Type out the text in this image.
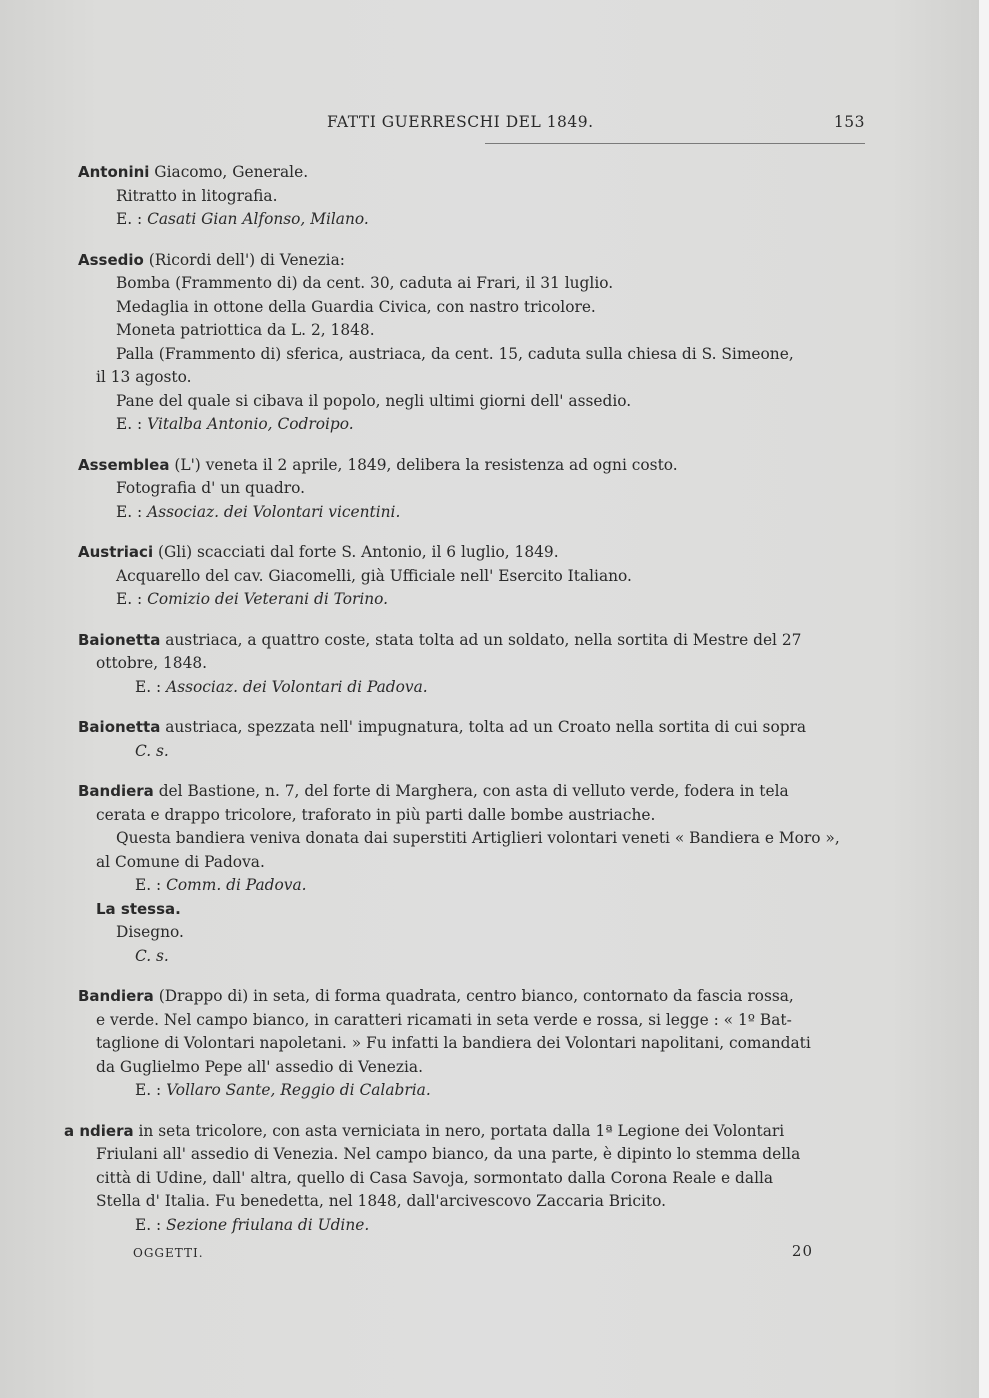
FATTI GUERRESCHI DEL 1849.	153
Antonini Giacomo, Generale.
Ritratto in litografia.
E. : Casati Gian Alfonso, Milano.
Assedio (Ricordi dell') di Venezia:
Bomba (Frammento di) da cent. 30, caduta ai Frari, il 31 luglio.
Medaglia in ottone della Guardia Civica, con nastro tricolore.
Moneta patriottica da L. 2, 1848.
Palla (Frammento di) sferica, austriaca, da cent. 15, caduta sulla chiesa di S. Simeone,
il 13 agosto.
Pane del quale si cibava il popolo, negli ultimi giorni dell' assedio.
E. : Vitalba Antonio, Codroipo.
Assemblea (L') veneta il 2 aprile, 1849, delibera la resistenza ad ogni costo.
Fotografia d' un quadro.
E. : Associaz. dei Volontari vicentini.
Austriaci (Gli) scacciati dal forte S. Antonio, il 6 luglio, 1849.
Acquarello del cav. Giacomelli, già Ufficiale nell' Esercito Italiano.
E. : Comizio dei Veterani di Torino.
Baionetta austriaca, a quattro coste, stata tolta ad un soldato, nella sortita di Mestre del 27
ottobre, 1848.
E. : Associaz. dei Volontari di Padova.
Baionetta austriaca, spezzata nell' impugnatura, tolta ad un Croato nella sortita di cui sopra
C. s.
Bandiera del Bastione, n. 7, del forte di Marghera, con asta di velluto verde, fodera in tela
cerata e drappo tricolore, traforato in più parti dalle bombe austriache.
Questa bandiera veniva donata dai superstiti Artiglieri volontari veneti « Bandiera e Moro »,
al Comune di Padova.
E. : Comm. di Padova.
La stessa.
Disegno.
C. s.
Bandiera (Drappo di) in seta, di forma quadrata, centro bianco, contornato da fascia rossa,
e verde. Nel campo bianco, in caratteri ricamati in seta verde e rossa, si legge : « 1º Bat-
taglione di Volontari napoletani. » Fu infatti la bandiera dei Volontari napolitani, comandati
da Guglielmo Pepe all' assedio di Venezia.
E. : Vollaro Sante, Reggio di Calabria.
a ndiera in seta tricolore, con asta verniciata in nero, portata dalla 1ª Legione dei Volontari
Friulani all' assedio di Venezia. Nel campo bianco, da una parte, è dipinto lo stemma della
città di Udine, dall' altra, quello di Casa Savoja, sormontato dalla Corona Reale e dalla
Stella d' Italia. Fu benedetta, nel 1848, dall'arcivescovo Zaccaria Bricito.
E. : Sezione friulana di Udine.
OGGETTI.	20
